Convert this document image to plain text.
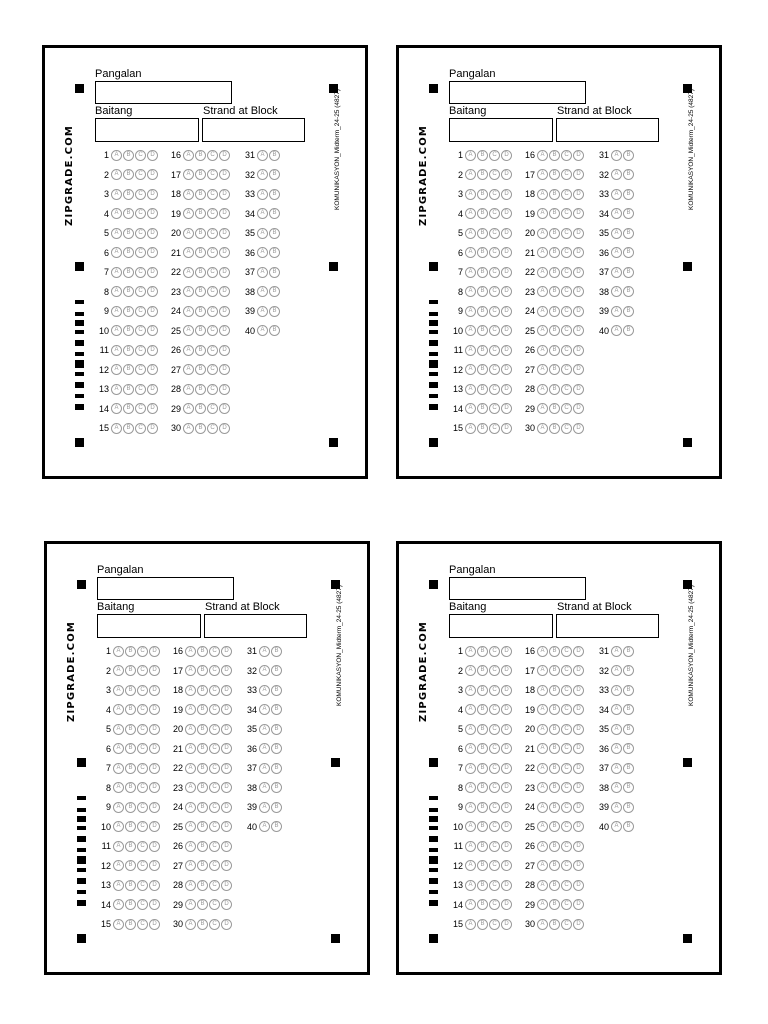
Pangalan
Baitang	Strand at Block
ZIPGRADE.COM	KOMUNIKASYON_Midterm_24-25 (4827)
1 A	B	C	D
2 A	B	C	D
3 A	B	C	D
4 A	B	C	D
5 A	B	C	D
6 A	B	C	D
7 A	B	C	D
8 A	B	C	D
9 A	B	C	D
10 A	B	C	D
11 A	B	C	D
12 A	B	C	D
13 A	B	C	D
14 A	B	C	D
15 A	B	C	D
16 A	B	C	D
17 A	B	C	D
18 A	B	C	D
19 A	B	C	D
20 A	B	C	D
21 A	B	C	D
22 A	B	C	D
23 A	B	C	D
24 A	B	C	D
25 A	B	C	D
26 A	B	C	D
27 A	B	C	D
28 A	B	C	D
29 A	B	C	D
30 A	B	C	D
31 A	B
32 A	B
33 A	B
34 A	B
35 A	B
36 A	B
37 A	B
38 A	B
39 A	B
40 A	B
Pangalan
Baitang	Strand at Block
ZIPGRADE.COM	KOMUNIKASYON_Midterm_24-25 (4827)
1 A	B	C	D
2 A	B	C	D
3 A	B	C	D
4 A	B	C	D
5 A	B	C	D
6 A	B	C	D
7 A	B	C	D
8 A	B	C	D
9 A	B	C	D
10 A	B	C	D
11 A	B	C	D
12 A	B	C	D
13 A	B	C	D
14 A	B	C	D
15 A	B	C	D
16 A	B	C	D
17 A	B	C	D
18 A	B	C	D
19 A	B	C	D
20 A	B	C	D
21 A	B	C	D
22 A	B	C	D
23 A	B	C	D
24 A	B	C	D
25 A	B	C	D
26 A	B	C	D
27 A	B	C	D
28 A	B	C	D
29 A	B	C	D
30 A	B	C	D
31 A	B
32 A	B
33 A	B
34 A	B
35 A	B
36 A	B
37 A	B
38 A	B
39 A	B
40 A	B
Pangalan
Baitang	Strand at Block
ZIPGRADE.COM	KOMUNIKASYON_Midterm_24-25 (4827)
1 A	B	C	D
2 A	B	C	D
3 A	B	C	D
4 A	B	C	D
5 A	B	C	D
6 A	B	C	D
7 A	B	C	D
8 A	B	C	D
9 A	B	C	D
10 A	B	C	D
11 A	B	C	D
12 A	B	C	D
13 A	B	C	D
14 A	B	C	D
15 A	B	C	D
16 A	B	C	D
17 A	B	C	D
18 A	B	C	D
19 A	B	C	D
20 A	B	C	D
21 A	B	C	D
22 A	B	C	D
23 A	B	C	D
24 A	B	C	D
25 A	B	C	D
26 A	B	C	D
27 A	B	C	D
28 A	B	C	D
29 A	B	C	D
30 A	B	C	D
31 A	B
32 A	B
33 A	B
34 A	B
35 A	B
36 A	B
37 A	B
38 A	B
39 A	B
40 A	B
Pangalan
Baitang	Strand at Block
ZIPGRADE.COM	KOMUNIKASYON_Midterm_24-25 (4827)
1 A	B	C	D
2 A	B	C	D
3 A	B	C	D
4 A	B	C	D
5 A	B	C	D
6 A	B	C	D
7 A	B	C	D
8 A	B	C	D
9 A	B	C	D
10 A	B	C	D
11 A	B	C	D
12 A	B	C	D
13 A	B	C	D
14 A	B	C	D
15 A	B	C	D
16 A	B	C	D
17 A	B	C	D
18 A	B	C	D
19 A	B	C	D
20 A	B	C	D
21 A	B	C	D
22 A	B	C	D
23 A	B	C	D
24 A	B	C	D
25 A	B	C	D
26 A	B	C	D
27 A	B	C	D
28 A	B	C	D
29 A	B	C	D
30 A	B	C	D
31 A	B
32 A	B
33 A	B
34 A	B
35 A	B
36 A	B
37 A	B
38 A	B
39 A	B
40 A	B
